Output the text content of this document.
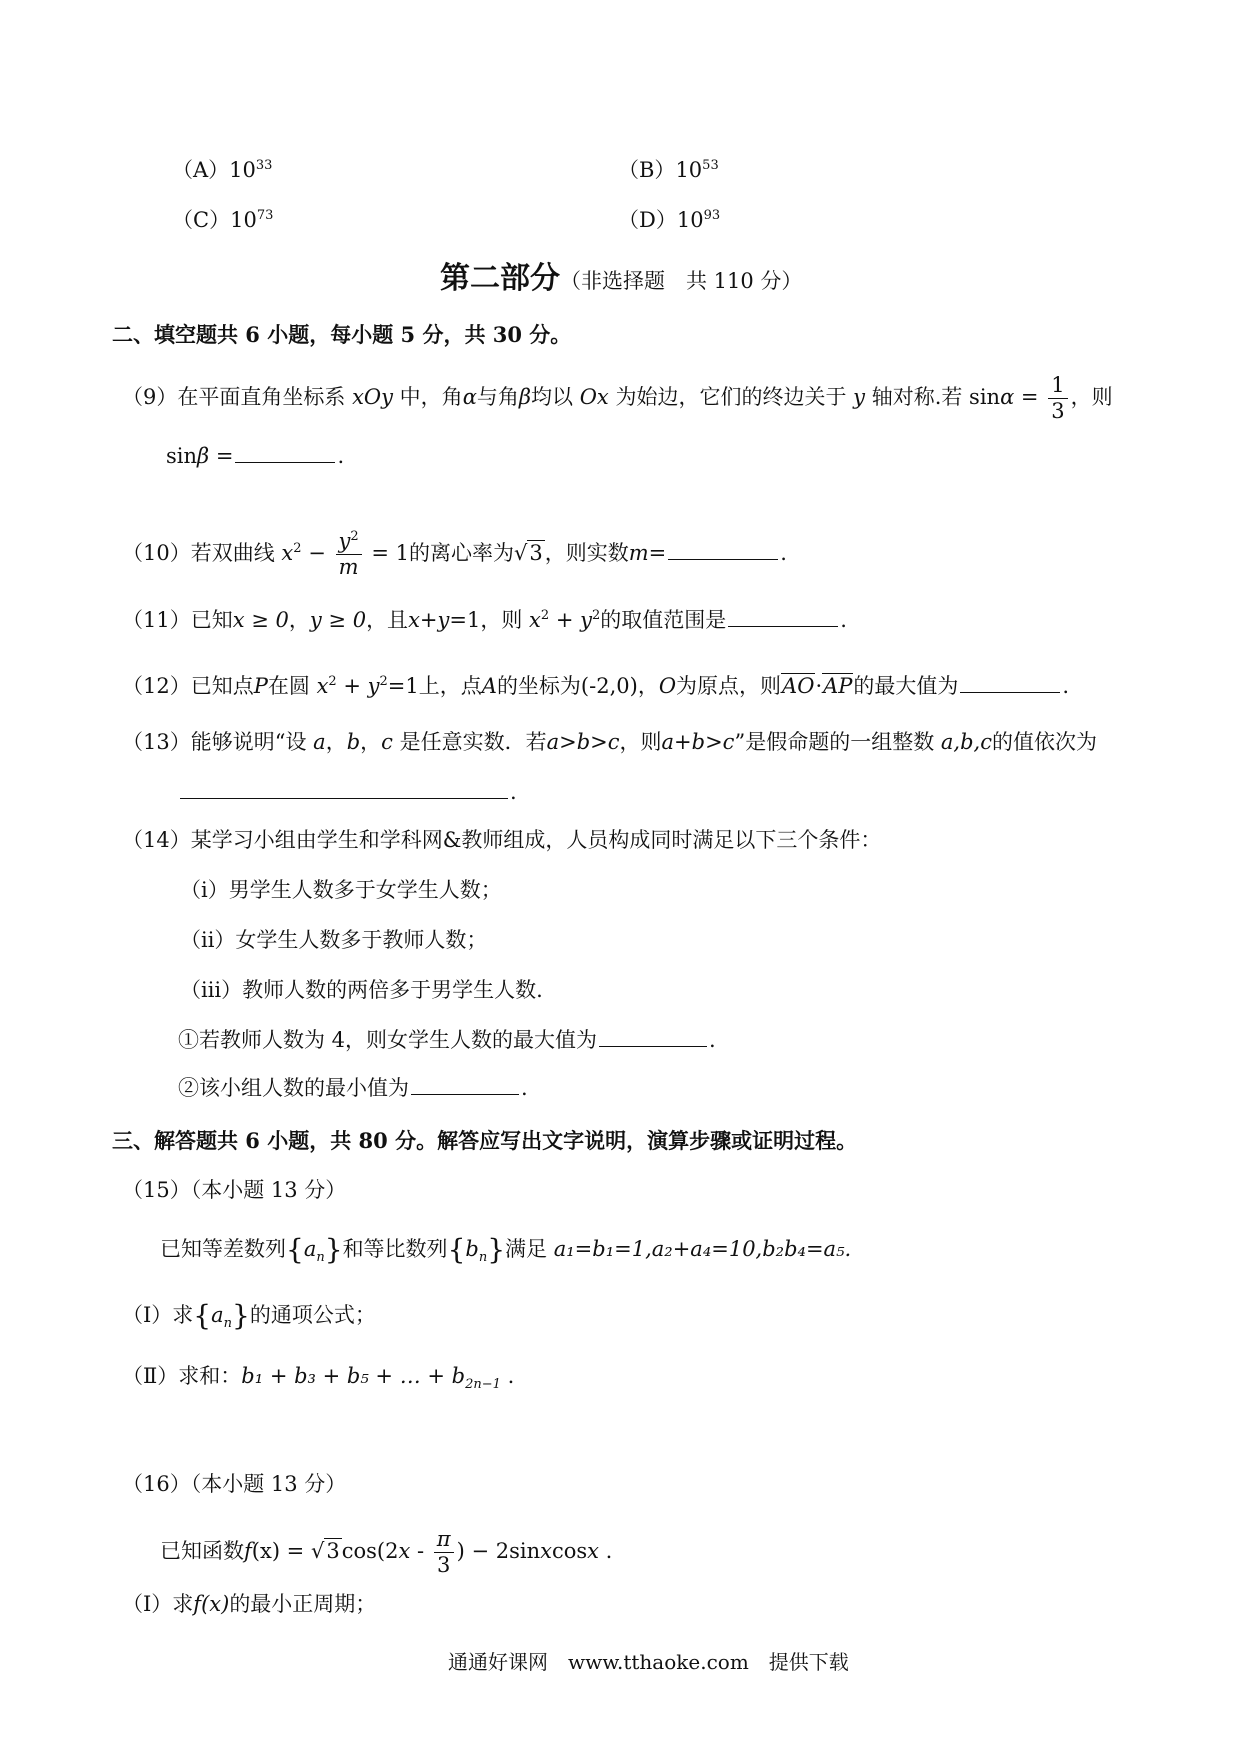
$(A)10^{33}$	$(B)10^{53}$
$(C)10^{73}$	$(D)10^{93}$
第二部分（非选择题　共 110 分）
二、填空题共 6 小题，每小题 5 分，共 30 分。
（9）在平面直角坐标系 xOy 中，角α与角β均以 Ox 为始边，它们的终边关于 y 轴对称.若 $\sin\alpha = \frac{1}{3}$ ，则
sinβ =	.
（10）若双曲线 $x^2 - \frac{y^2}{m} = 1$的离心率为√3，则实数m=	.
（11）已知x ≥ 0，y ≥ 0，且x+y=1，则 $x^2 + y^2$的取值范围是	.
（12）已知点P在圆 $x^2 + y^2=1$上，点A的坐标为(-2,0)，O为原点，则AO·AP的最大值为	.
（13）能够说明“设 a，b，c 是任意实数．若a>b>c，则a+b>c”是假命题的一组整数 a,b,c的值依次为
.
（14）某学习小组由学生和学科网&教师组成，人员构成同时满足以下三个条件：
（ⅰ）男学生人数多于女学生人数；
（ⅱ）女学生人数多于教师人数；
（ⅲ）教师人数的两倍多于男学生人数.
①若教师人数为 4，则女学生人数的最大值为	.
②该小组人数的最小值为	.
三、解答题共 6 小题，共 80 分。解答应写出文字说明，演算步骤或证明过程。
（15）（本小题 13 分）
已知等差数列$\{a_n\}$和等比数列$\{b_n\}$满足 a₁=b₁=1,a₂+a₄=10,b₂b₄=a₅.
（Ⅰ）求$\{a_n\}$的通项公式；
（Ⅱ）求和：b₁ + b₃ + b₅ + … + $b_{2n-1}$ .
（16）（本小题 13 分）
已知函数$f(x) = √3\cos(2x - \frac{\pi}{3}$ ) − 2sinxcosx .
（Ⅰ）求f(x)的最小正周期；
通通好课网　www.tthaoke.com　提供下载
